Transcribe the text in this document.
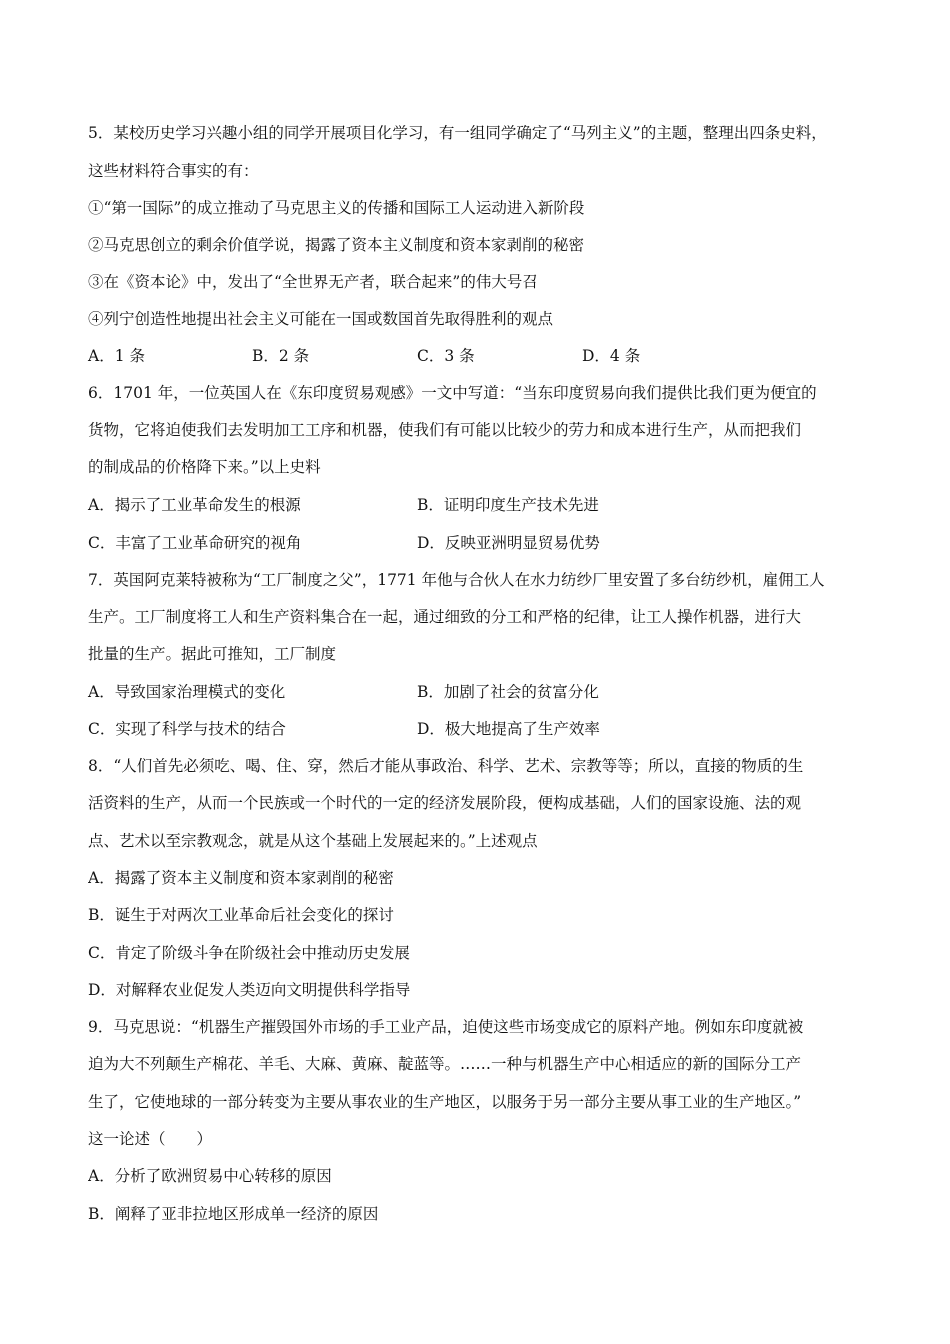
5．某校历史学习兴趣小组的同学开展项目化学习，有一组同学确定了“马列主义”的主题，整理出四条史料，
这些材料符合事实的有：
①“第一国际”的成立推动了马克思主义的传播和国际工人运动进入新阶段
②马克思创立的剩余价值学说，揭露了资本主义制度和资本家剥削的秘密
③在《资本论》中，发出了“全世界无产者，联合起来”的伟大号召
④列宁创造性地提出社会主义可能在一国或数国首先取得胜利的观点
A．1 条	B．2 条	C．3 条	D．4 条
6．1701 年，一位英国人在《东印度贸易观感》一文中写道：“当东印度贸易向我们提供比我们更为便宜的
货物，它将迫使我们去发明加工工序和机器，使我们有可能以比较少的劳力和成本进行生产，从而把我们
的制成品的价格降下来。”以上史料
A．揭示了工业革命发生的根源	B．证明印度生产技术先进
C．丰富了工业革命研究的视角	D．反映亚洲明显贸易优势
7．英国阿克莱特被称为“工厂制度之父”，1771 年他与合伙人在水力纺纱厂里安置了多台纺纱机，雇佣工人
生产。工厂制度将工人和生产资料集合在一起，通过细致的分工和严格的纪律，让工人操作机器，进行大
批量的生产。据此可推知，工厂制度
A．导致国家治理模式的变化	B．加剧了社会的贫富分化
C．实现了科学与技术的结合	D．极大地提高了生产效率
8．“人们首先必须吃、喝、住、穿，然后才能从事政治、科学、艺术、宗教等等；所以，直接的物质的生
活资料的生产，从而一个民族或一个时代的一定的经济发展阶段，便构成基础，人们的国家设施、法的观
点、艺术以至宗教观念，就是从这个基础上发展起来的。”上述观点
A．揭露了资本主义制度和资本家剥削的秘密
B．诞生于对两次工业革命后社会变化的探讨
C．肯定了阶级斗争在阶级社会中推动历史发展
D．对解释农业促发人类迈向文明提供科学指导
9．马克思说：“机器生产摧毁国外市场的手工业产品，迫使这些市场变成它的原料产地。例如东印度就被
迫为大不列颠生产棉花、羊毛、大麻、黄麻、靛蓝等。……一种与机器生产中心相适应的新的国际分工产
生了，它使地球的一部分转变为主要从事农业的生产地区，以服务于另一部分主要从事工业的生产地区。”
这一论述（　　）
A．分析了欧洲贸易中心转移的原因
B．阐释了亚非拉地区形成单一经济的原因
